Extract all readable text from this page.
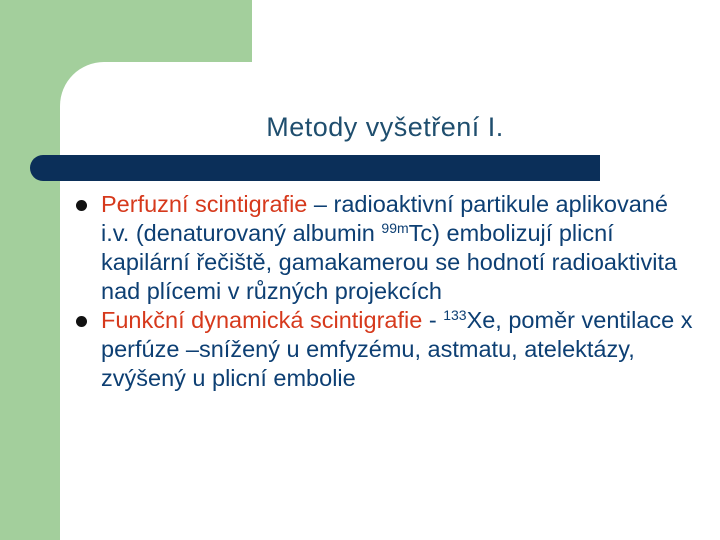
Metody vyšetření I.
Perfuzní scintigrafie – radioaktivní partikule aplikované i.v. (denaturovaný albumin $^{99m}$Tc) embolizují plicní kapilární řečiště, gamakamerou se hodnotí radioaktivita nad plícemi v různých projekcích
Funkční dynamická scintigrafie - $^{133}$Xe, poměr ventilace x perfúze –snížený u emfyzému, astmatu, atelektázy, zvýšený u plicní embolie
